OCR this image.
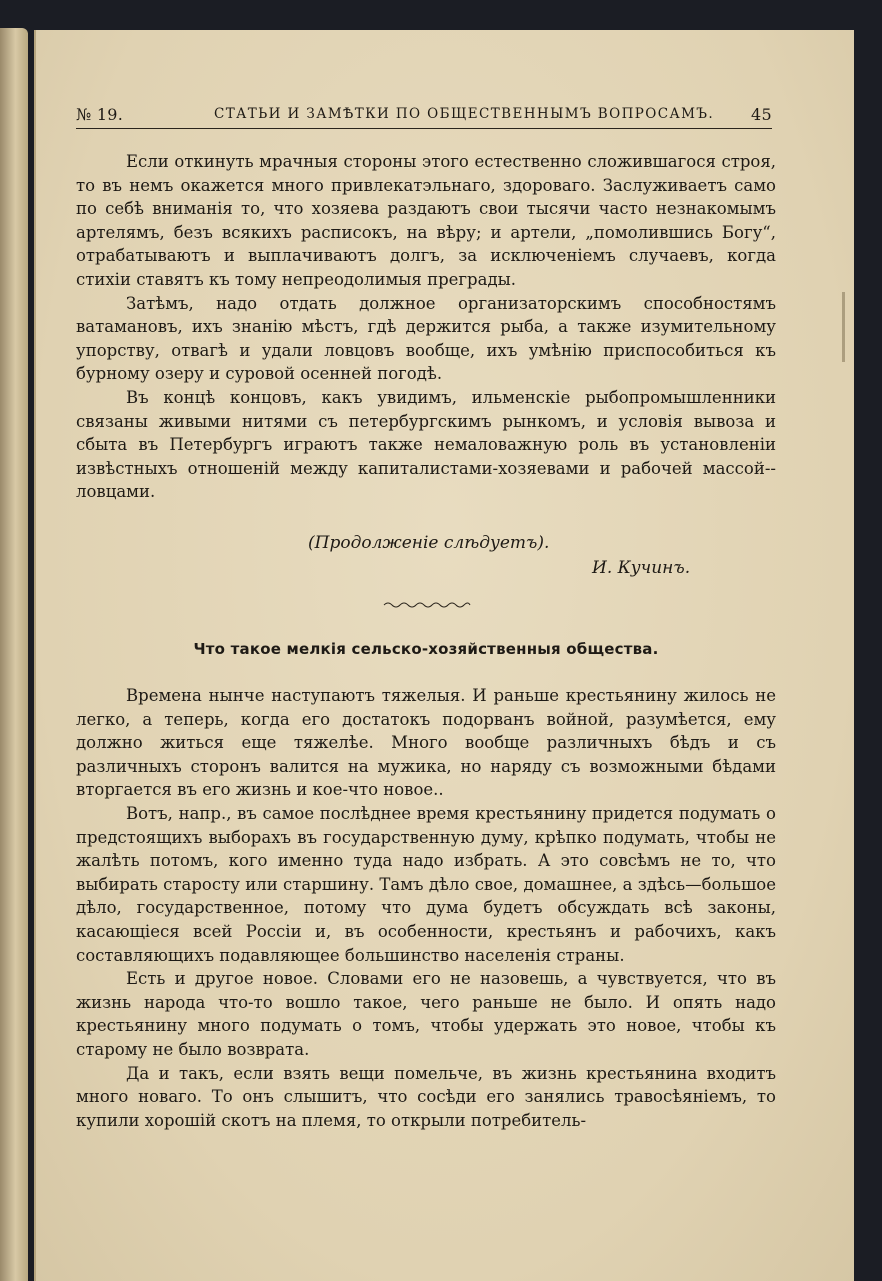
№ 19.	СТАТЬИ И ЗАМѢТКИ ПО ОБЩЕСТВЕННЫМЪ ВОПРОСАМЪ. 45

Если откинуть мрачныя стороны этого естественно сложившагося строя, то въ немъ окажется много привлекатэльнаго, здороваго. Заслуживаетъ само по себѣ вниманія то, что хозяева раздаютъ свои тысячи часто незнакомымъ артелямъ, безъ всякихъ расписокъ, на вѣру; и артели, „помолившись Богу“, отрабатываютъ и выплачиваютъ долгъ, за исключеніемъ случаевъ, когда стихіи ставятъ къ тому непреодолимыя преграды.

Затѣмъ, надо отдать должное организаторскимъ способностямъ ватамановъ, ихъ знанію мѣстъ, гдѣ держится рыба, а также изумительному упорству, отвагѣ и удали ловцовъ вообще, ихъ умѣнію приспособиться къ бурному озеру и суровой осенней погодѣ.

Въ концѣ концовъ, какъ увидимъ, ильменскіе рыбопромышленники связаны живыми нитями съ петербургскимъ рынкомъ, и условія вывоза и сбыта въ Петербургъ играютъ также немаловажную роль въ установленіи извѣстныхъ отношеній между капиталистами-хозяевами и рабочей массой--ловцами.

(Продолженіе слѣдуетъ).
И. Кучинъ.
Что такое мелкія сельско-хозяйственныя общества.

Времена нынче наступаютъ тяжелыя. И раньше крестьянину жилось не легко, а теперь, когда его достатокъ подорванъ войной, разумѣется, ему должно житься еще тяжелѣе. Много вообще различныхъ бѣдъ и съ различныхъ сторонъ валится на мужика, но наряду съ возможными бѣдами вторгается въ его жизнь и кое-что новое..

Вотъ, напр., въ самое послѣднее время крестьянину придется подумать о предстоящихъ выборахъ въ государственную думу, крѣпко подумать, чтобы не жалѣть потомъ, кого именно туда надо избрать. А это совсѣмъ не то, что выбирать старосту или старшину. Тамъ дѣло свое, домашнее, а здѣсь—большое дѣло, государственное, потому что дума будетъ обсуждать всѣ законы, касающіеся всей Россіи и, въ особенности, крестьянъ и рабочихъ, какъ составляющихъ подавляющее большинство населенія страны.

Есть и другое новое. Словами его не назовешь, а чувствуется, что въ жизнь народа что-то вошло такое, чего раньше не было. И опять надо крестьянину много подумать о томъ, чтобы удержать это новое, чтобы къ старому не было возврата.

Да и такъ, если взять вещи помельче, въ жизнь крестьянина входитъ много новаго. То онъ слышитъ, что сосѣди его занялись травосѣяніемъ, то купили хорошій скотъ на племя, то открыли потребитель-
